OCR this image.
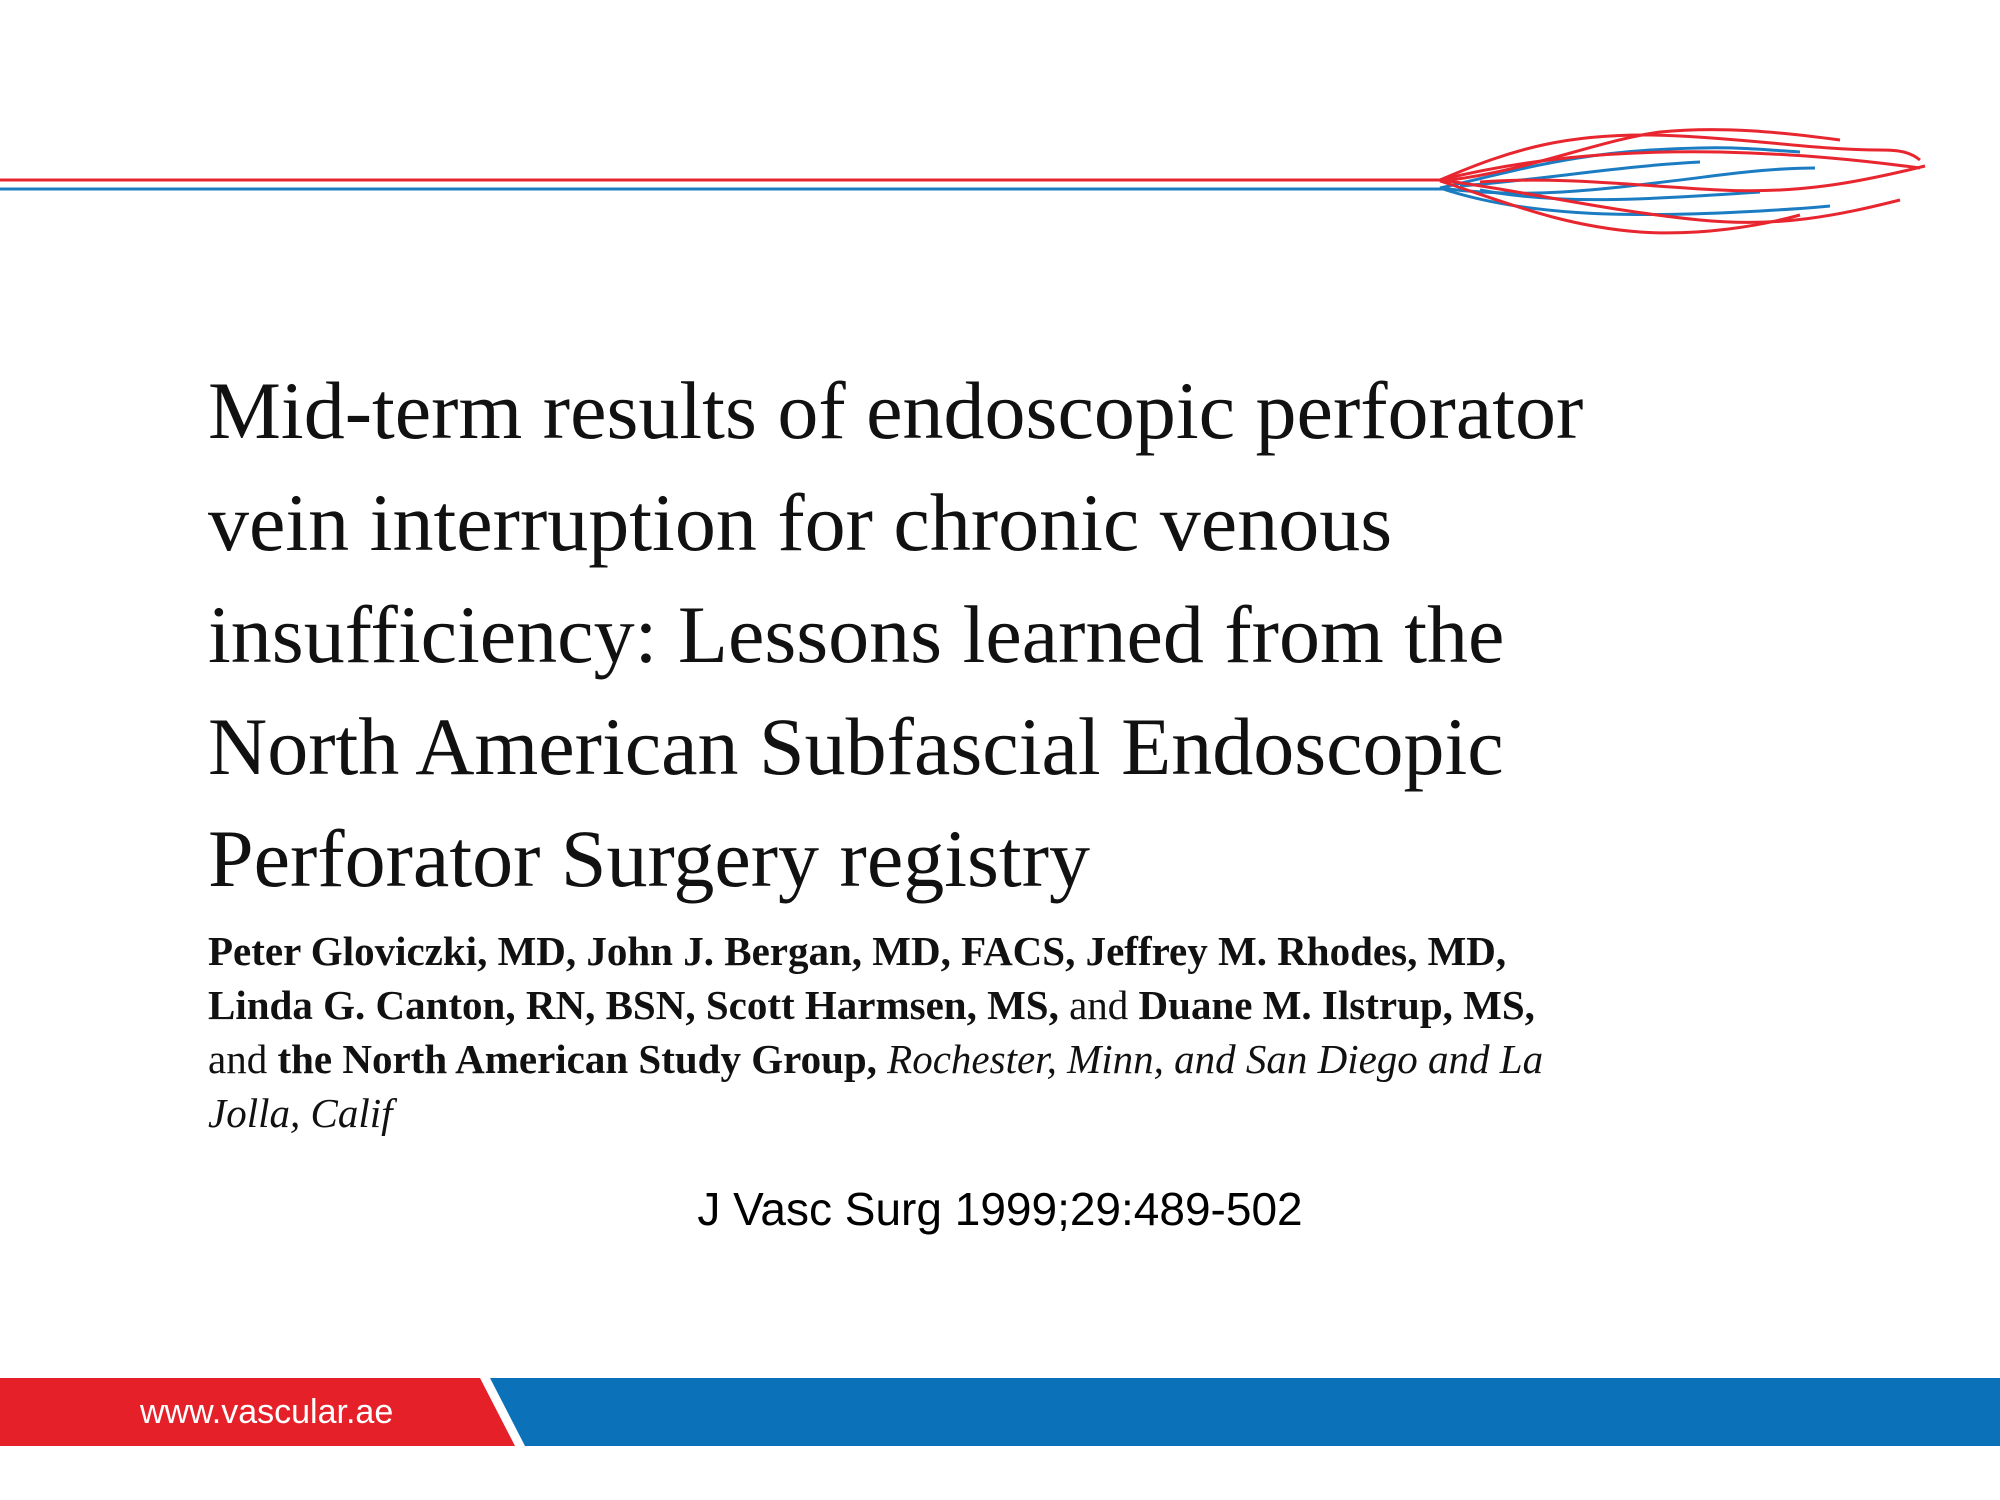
Mid-term results of endoscopic perforator
vein interruption for chronic venous
insufficiency: Lessons learned from the
North American Subfascial Endoscopic
Perforator Surgery registry
Peter Gloviczki, MD, John J. Bergan, MD, FACS, Jeffrey M. Rhodes, MD,
Linda G. Canton, RN, BSN, Scott Harmsen, MS, and Duane M. Ilstrup, MS,
and the North American Study Group, Rochester, Minn, and San Diego and La
Jolla, Calif
J Vasc Surg 1999;29:489-502
www.vascular.ae
